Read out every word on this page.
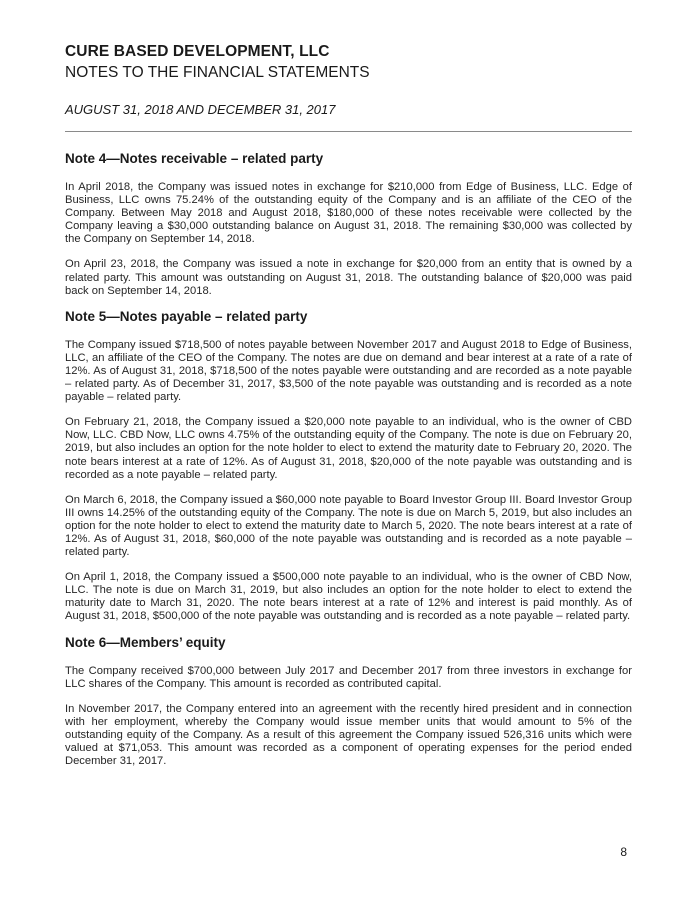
CURE BASED DEVELOPMENT, LLC
NOTES TO THE FINANCIAL STATEMENTS
AUGUST 31, 2018 AND DECEMBER 31, 2017

Note 4—Notes receivable – related party

In April 2018, the Company was issued notes in exchange for $210,000 from Edge of Business, LLC. Edge of Business, LLC owns 75.24% of the outstanding equity of the Company and is an affiliate of the CEO of the Company. Between May 2018 and August 2018, $180,000 of these notes receivable were collected by the Company leaving a $30,000 outstanding balance on August 31, 2018. The remaining $30,000 was collected by the Company on September 14, 2018.

On April 23, 2018, the Company was issued a note in exchange for $20,000 from an entity that is owned by a related party. This amount was outstanding on August 31, 2018. The outstanding balance of $20,000 was paid back on September 14, 2018.

Note 5—Notes payable – related party

The Company issued $718,500 of notes payable between November 2017 and August 2018 to Edge of Business, LLC, an affiliate of the CEO of the Company. The notes are due on demand and bear interest at a rate of a rate of 12%. As of August 31, 2018, $718,500 of the notes payable were outstanding and are recorded as a note payable – related party. As of December 31, 2017, $3,500 of the note payable was outstanding and is recorded as a note payable – related party.

On February 21, 2018, the Company issued a $20,000 note payable to an individual, who is the owner of CBD Now, LLC. CBD Now, LLC owns 4.75% of the outstanding equity of the Company. The note is due on February 20, 2019, but also includes an option for the note holder to elect to extend the maturity date to February 20, 2020. The note bears interest at a rate of 12%. As of August 31, 2018, $20,000 of the note payable was outstanding and is recorded as a note payable – related party.

On March 6, 2018, the Company issued a $60,000 note payable to Board Investor Group III. Board Investor Group III owns 14.25% of the outstanding equity of the Company. The note is due on March 5, 2019, but also includes an option for the note holder to elect to extend the maturity date to March 5, 2020. The note bears interest at a rate of 12%. As of August 31, 2018, $60,000 of the note payable was outstanding and is recorded as a note payable – related party.

On April 1, 2018, the Company issued a $500,000 note payable to an individual, who is the owner of CBD Now, LLC. The note is due on March 31, 2019, but also includes an option for the note holder to elect to extend the maturity date to March 31, 2020. The note bears interest at a rate of 12% and interest is paid monthly. As of August 31, 2018, $500,000 of the note payable was outstanding and is recorded as a note payable – related party.

Note 6—Members’ equity

The Company received $700,000 between July 2017 and December 2017 from three investors in exchange for LLC shares of the Company. This amount is recorded as contributed capital.

In November 2017, the Company entered into an agreement with the recently hired president and in connection with her employment, whereby the Company would issue member units that would amount to 5% of the outstanding equity of the Company. As a result of this agreement the Company issued 526,316 units which were valued at $71,053. This amount was recorded as a component of operating expenses for the period ended December 31, 2017.

8
